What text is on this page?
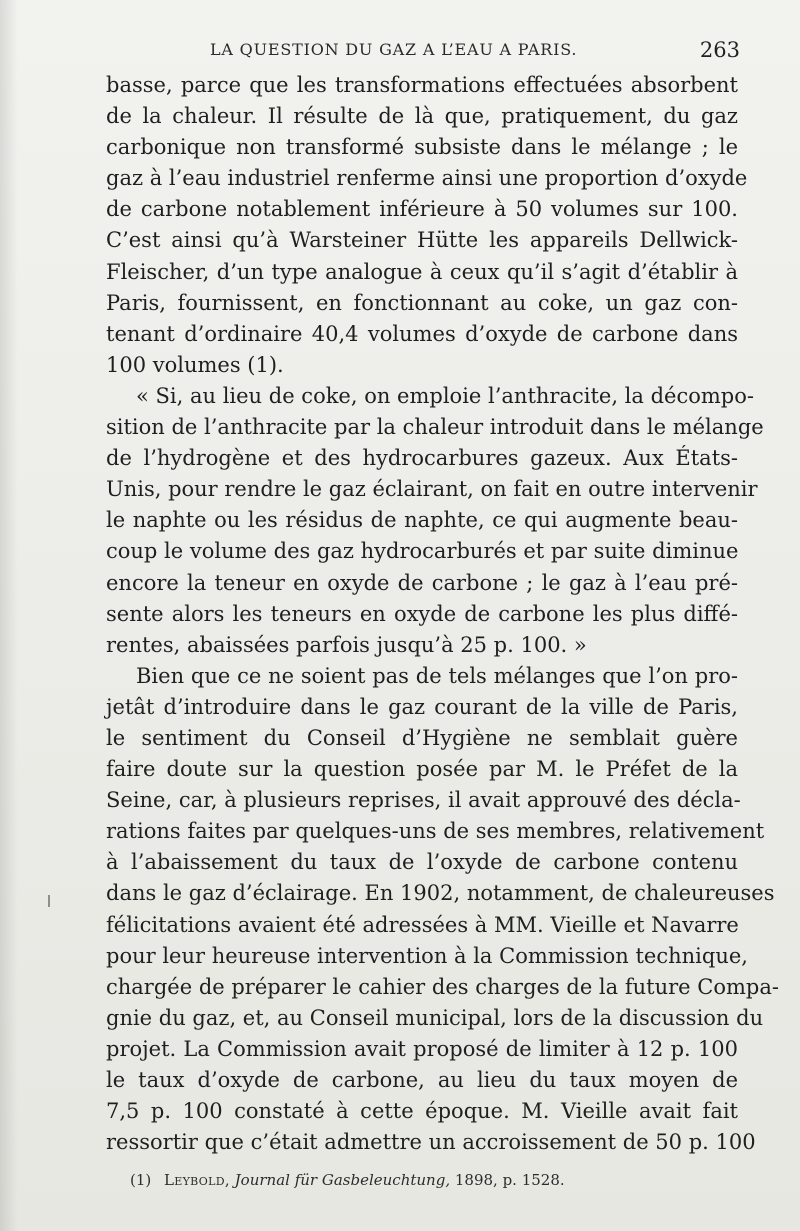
LA QUESTION DU GAZ A L’EAU A PARIS.	263
basse, parce que les transformations effectuées absorbent
de la chaleur. Il résulte de là que, pratiquement, du gaz
carbonique non transformé subsiste dans le mélange ; le
gaz à l’eau industriel renferme ainsi une proportion d’oxyde
de carbone notablement inférieure à 50 volumes sur 100.
C’est ainsi qu’à Warsteiner Hütte les appareils Dellwick-
Fleischer, d’un type analogue à ceux qu’il s’agit d’établir à
Paris, fournissent, en fonctionnant au coke, un gaz con-
tenant d’ordinaire 40,4 volumes d’oxyde de carbone dans
100 volumes (1).
« Si, au lieu de coke, on emploie l’anthracite, la décompo-
sition de l’anthracite par la chaleur introduit dans le mélange
de l’hydrogène et des hydrocarbures gazeux. Aux États-
Unis, pour rendre le gaz éclairant, on fait en outre intervenir
le naphte ou les résidus de naphte, ce qui augmente beau-
coup le volume des gaz hydrocarburés et par suite diminue
encore la teneur en oxyde de carbone ; le gaz à l’eau pré-
sente alors les teneurs en oxyde de carbone les plus diffé-
rentes, abaissées parfois jusqu’à 25 p. 100. »
Bien que ce ne soient pas de tels mélanges que l’on pro-
jetât d’introduire dans le gaz courant de la ville de Paris,
le sentiment du Conseil d’Hygiène ne semblait guère
faire doute sur la question posée par M. le Préfet de la
Seine, car, à plusieurs reprises, il avait approuvé des décla-
rations faites par quelques-uns de ses membres, relativement
à l’abaissement du taux de l’oxyde de carbone contenu
dans le gaz d’éclairage. En 1902, notamment, de chaleureuses
félicitations avaient été adressées à MM. Vieille et Navarre
pour leur heureuse intervention à la Commission technique,
chargée de préparer le cahier des charges de la future Compa-
gnie du gaz, et, au Conseil municipal, lors de la discussion du
projet. La Commission avait proposé de limiter à 12 p. 100
le taux d’oxyde de carbone, au lieu du taux moyen de
7,5 p. 100 constaté à cette époque. M. Vieille avait fait
ressortir que c’était admettre un accroissement de 50 p. 100
(1) Leybold, Journal für Gasbeleuchtung, 1898, p. 1528.
